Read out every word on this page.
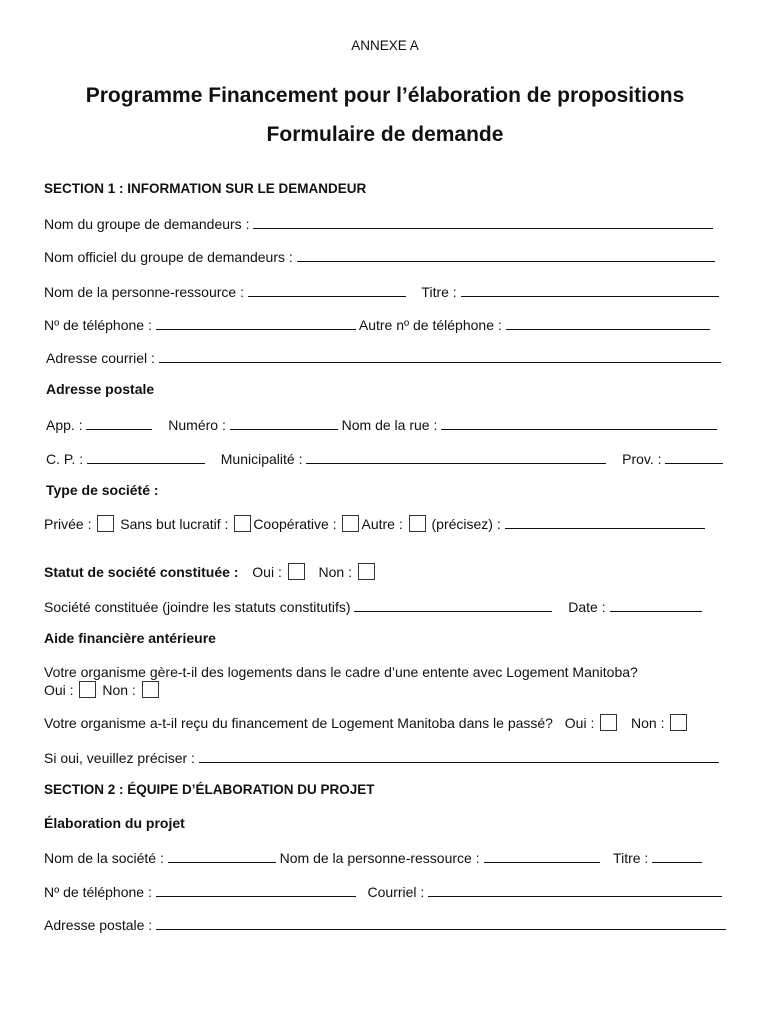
ANNEXE A
Programme Financement pour l’élaboration de propositions
Formulaire de demande
SECTION 1 : INFORMATION SUR LE DEMANDEUR
Nom du groupe de demandeurs :
Nom officiel du groupe de demandeurs :
Nom de la personne-ressource :	Titre :
Nº de téléphone :	Autre nº de téléphone :
Adresse courriel :
Adresse postale
App. :	Numéro :	Nom de la rue :
C. P. :	Municipalité :	Prov. :
Type de société :
Privée : Sans but lucratif : Coopérative : Autre : (précisez) :
Statut de société constituée : Oui :	Non :
Société constituée (joindre les statuts constitutifs)	Date :
Aide financière antérieure
Votre organisme gère-t-il des logements dans le cadre d’une entente avec Logement Manitoba?
Oui : Non :
Votre organisme a-t-il reçu du financement de Logement Manitoba dans le passé? Oui :	Non :
Si oui, veuillez préciser :
SECTION 2 : ÉQUIPE D’ÉLABORATION DU PROJET
Élaboration du projet
Nom de la société :	Nom de la personne-ressource :	Titre :
Nº de téléphone :	Courriel :
Adresse postale :
